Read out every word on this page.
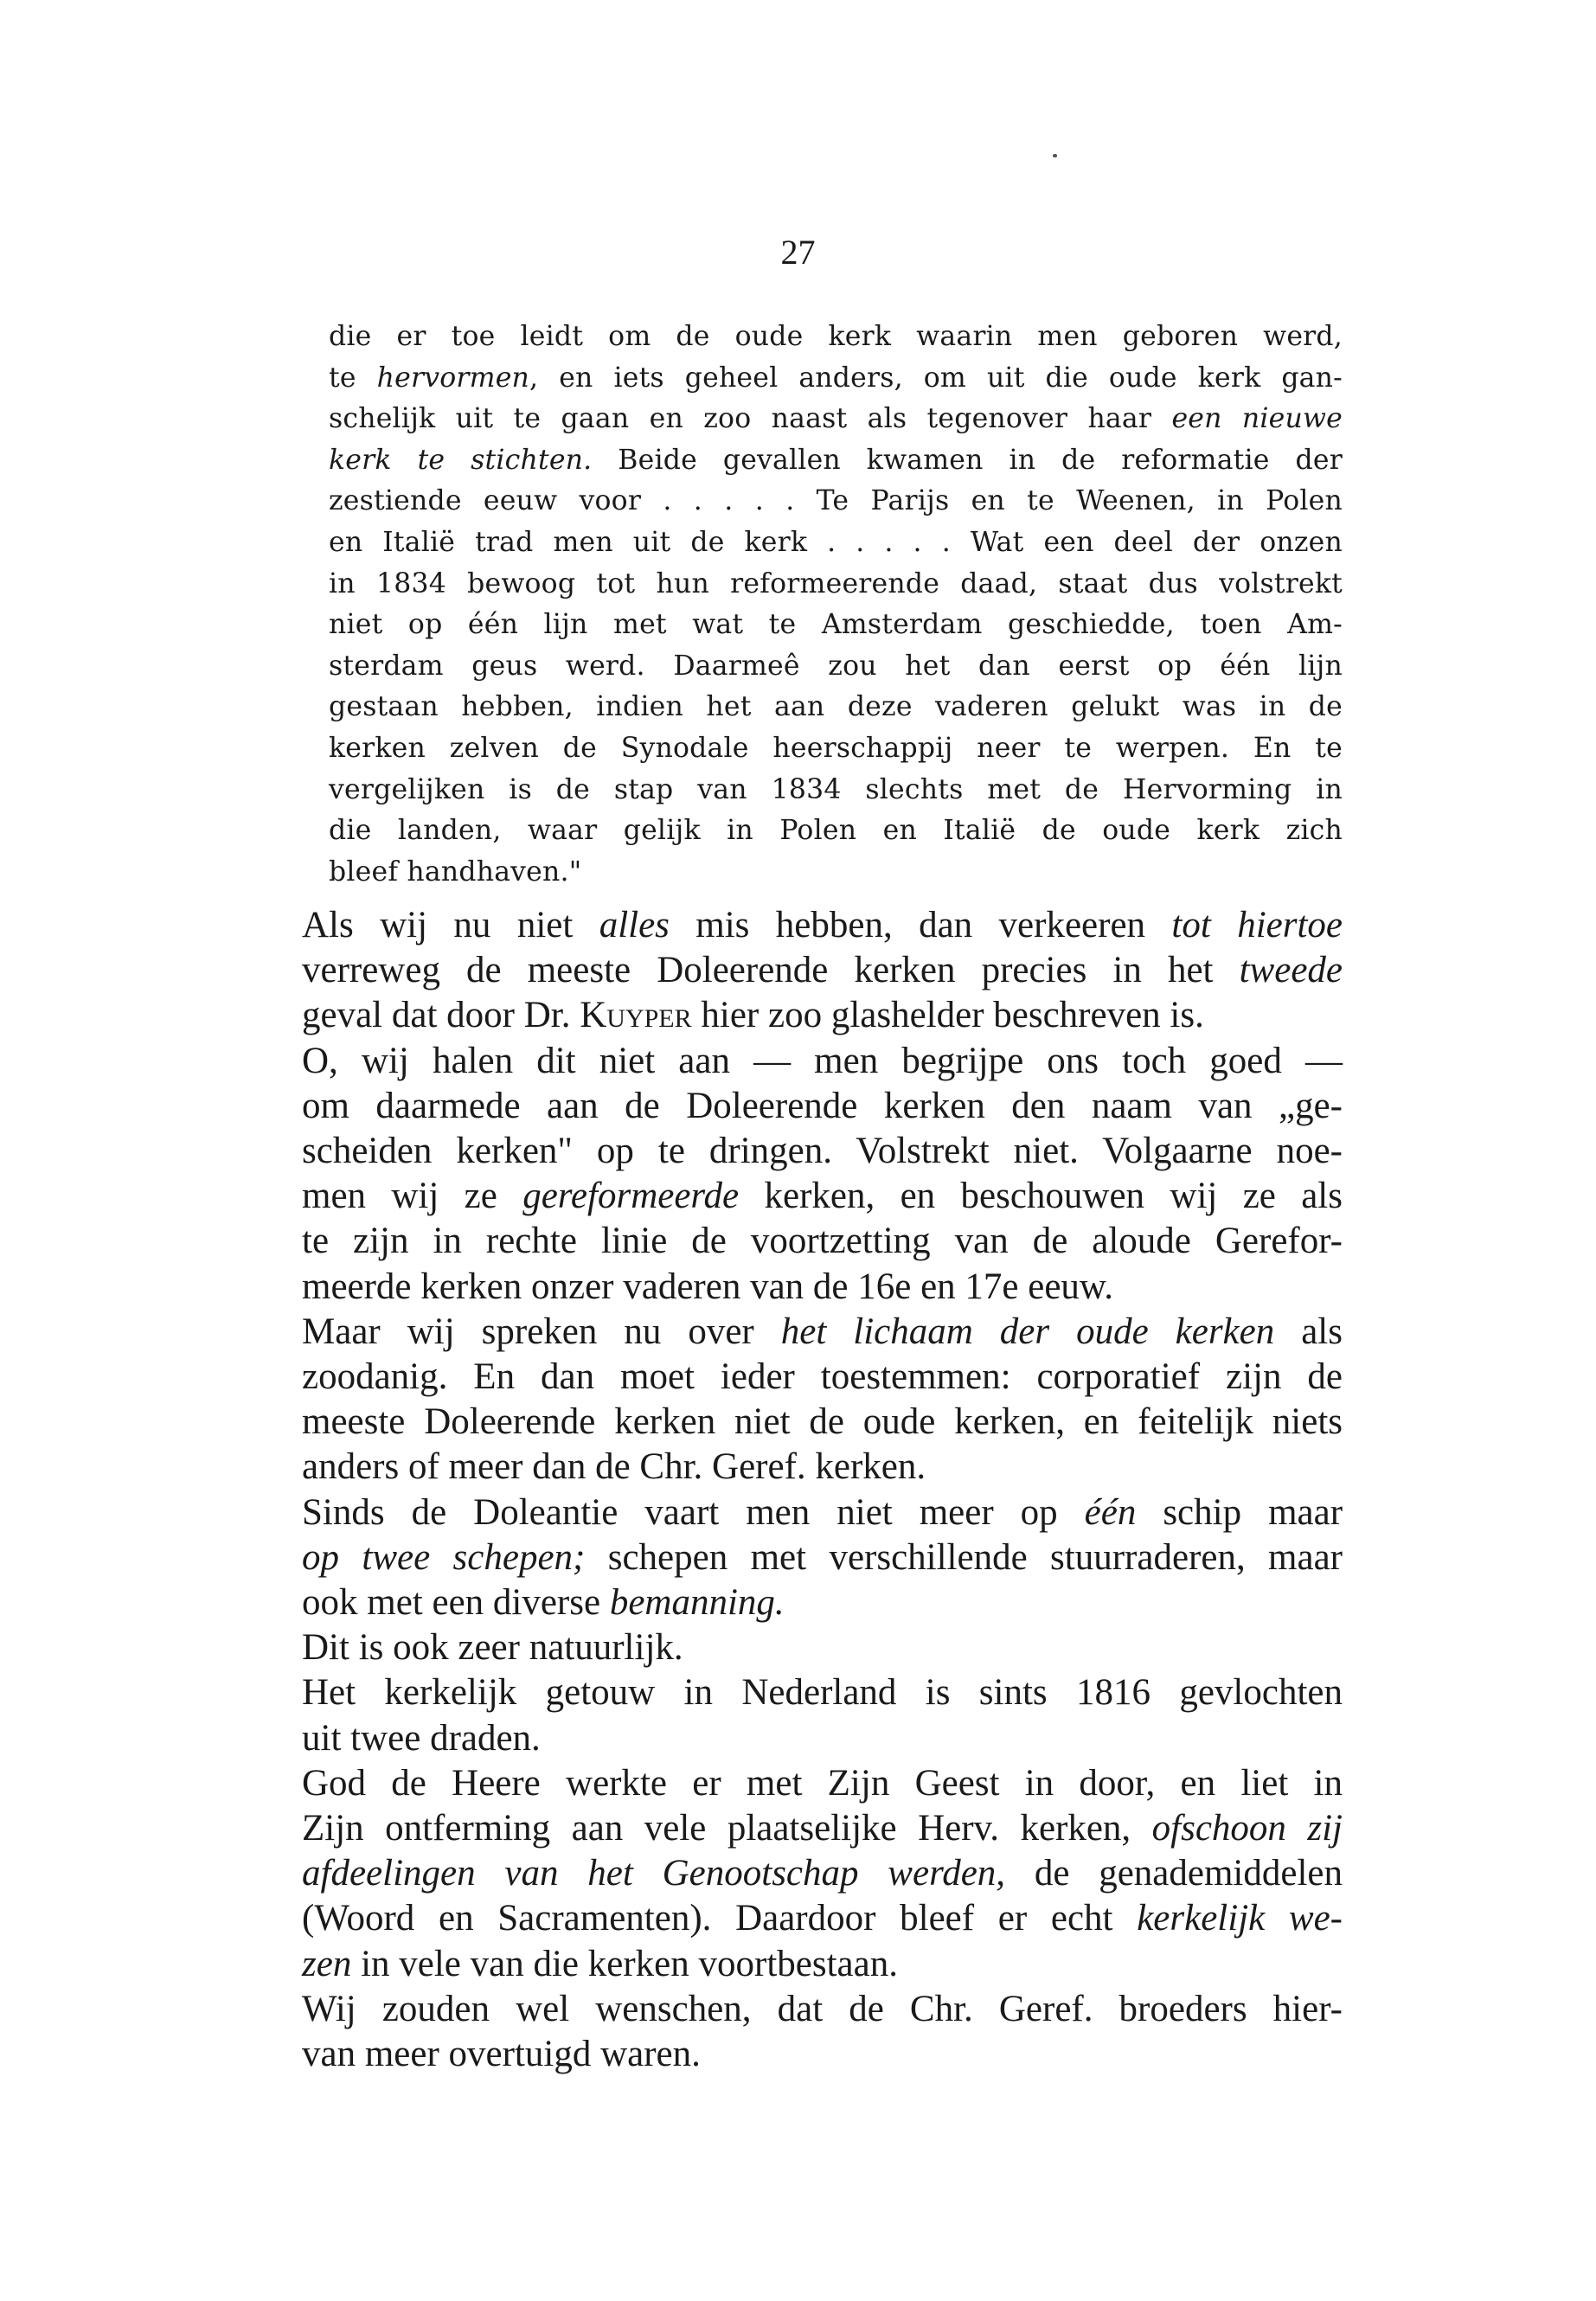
27
die er toe leidt om de oude kerk waarin men geboren werd,
te hervormen, en iets geheel anders, om uit die oude kerk gan-
schelijk uit te gaan en zoo naast als tegenover haar een nieuwe
kerk te stichten. Beide gevallen kwamen in de reformatie der
zestiende eeuw voor . . . . . Te Parijs en te Weenen, in Polen
en Italië trad men uit de kerk . . . . . Wat een deel der onzen
in 1834 bewoog tot hun reformeerende daad, staat dus volstrekt
niet op één lijn met wat te Amsterdam geschiedde, toen Am-
sterdam geus werd. Daarmeê zou het dan eerst op één lijn
gestaan hebben, indien het aan deze vaderen gelukt was in de
kerken zelven de Synodale heerschappij neer te werpen. En te
vergelijken is de stap van 1834 slechts met de Hervorming in
die landen, waar gelijk in Polen en Italië de oude kerk zich
bleef handhaven."

Als wij nu niet alles mis hebben, dan verkeeren tot hiertoe
verreweg de meeste Doleerende kerken precies in het tweede
geval dat door Dr. Kuyper hier zoo glashelder beschreven is.

O, wij halen dit niet aan — men begrijpe ons toch goed —
om daarmede aan de Doleerende kerken den naam van „ge-
scheiden kerken" op te dringen. Volstrekt niet. Volgaarne noe-
men wij ze gereformeerde kerken, en beschouwen wij ze als
te zijn in rechte linie de voortzetting van de aloude Gerefor-
meerde kerken onzer vaderen van de 16e en 17e eeuw.

Maar wij spreken nu over het lichaam der oude kerken als
zoodanig. En dan moet ieder toestemmen: corporatief zijn de
meeste Doleerende kerken niet de oude kerken, en feitelijk niets
anders of meer dan de Chr. Geref. kerken.

Sinds de Doleantie vaart men niet meer op één schip maar
op twee schepen; schepen met verschillende stuurraderen, maar
ook met een diverse bemanning.

Dit is ook zeer natuurlijk.

Het kerkelijk getouw in Nederland is sints 1816 gevlochten
uit twee draden.

God de Heere werkte er met Zijn Geest in door, en liet in
Zijn ontferming aan vele plaatselijke Herv. kerken, ofschoon zij
afdeelingen van het Genootschap werden, de genademiddelen
(Woord en Sacramenten). Daardoor bleef er echt kerkelijk we-
zen in vele van die kerken voortbestaan.

Wij zouden wel wenschen, dat de Chr. Geref. broeders hier-
van meer overtuigd waren.
